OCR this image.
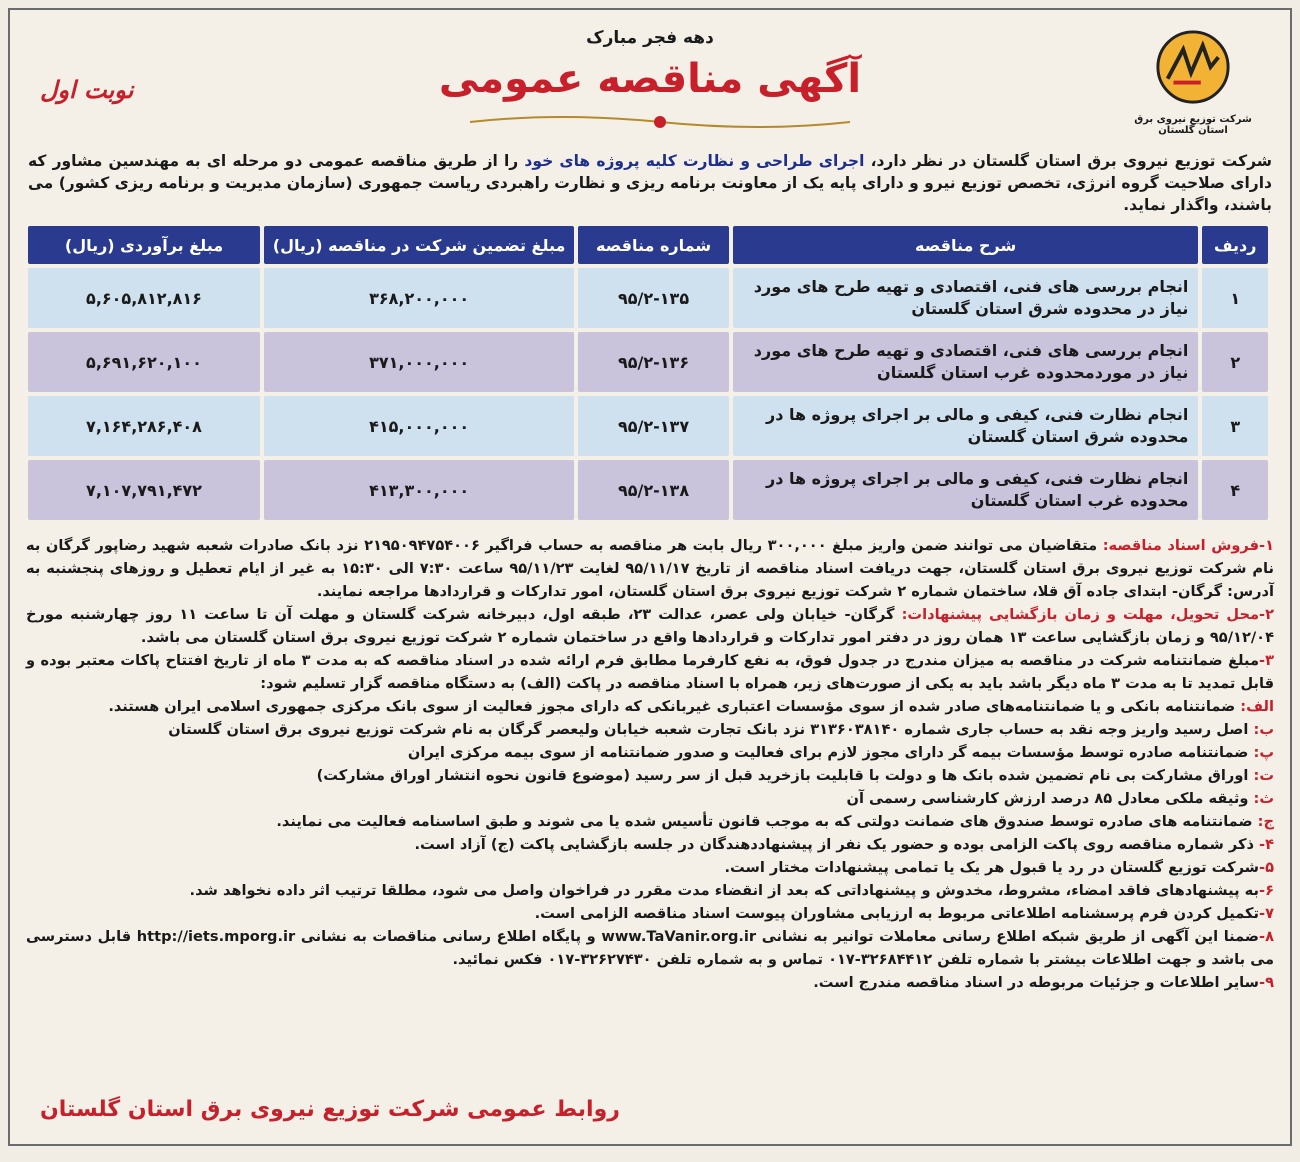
شرکت توزیع نیروی برق استان گلستان
دهه فجر مبارک
آگهی مناقصه عمومی
نوبت اول
شرکت توزیع نیروی برق استان گلستان در نظر دارد، اجرای طراحی و نظارت کلیه پروژه های خود را از طریق مناقصه عمومی دو مرحله ای به مهندسین مشاور که دارای صلاحیت گروه انرژی، تخصص توزیع نیرو و دارای پایه یک از معاونت برنامه ریزی و نظارت راهبردی ریاست جمهوری (سازمان مدیریت و برنامه ریزی کشور) می باشند، واگذار نماید.
ردیف	شرح مناقصه	شماره مناقصه	مبلغ تضمین شرکت در مناقصه (ریال)	مبلغ برآوردی (ریال)
۱	انجام بررسی های فنی، اقتصادی و تهیه طرح های مورد نیاز در محدوده شرق استان گلستان	۹۵/۲-۱۳۵	۳۶۸,۲۰۰,۰۰۰	۵,۶۰۵,۸۱۲,۸۱۶
۲	انجام بررسی های فنی، اقتصادی و تهیه طرح های مورد نیاز در موردمحدوده غرب استان گلستان	۹۵/۲-۱۳۶	۳۷۱,۰۰۰,۰۰۰	۵,۶۹۱,۶۲۰,۱۰۰
۳	انجام نظارت فنی، کیفی و مالی بر اجرای پروژه ها در محدوده شرق استان گلستان	۹۵/۲-۱۳۷	۴۱۵,۰۰۰,۰۰۰	۷,۱۶۴,۲۸۶,۴۰۸
۴	انجام نظارت فنی، کیفی و مالی بر اجرای پروژه ها در محدوده غرب استان گلستان	۹۵/۲-۱۳۸	۴۱۳,۳۰۰,۰۰۰	۷,۱۰۷,۷۹۱,۴۷۲

۱-فروش اسناد مناقصه: متقاضیان می توانند ضمن واریز مبلغ ۳۰۰,۰۰۰ ریال بابت هر مناقصه به حساب فراگیر ۲۱۹۵۰۹۴۷۵۴۰۰۶ نزد بانک صادرات شعبه شهید رضاپور گرگان به نام شرکت توزیع نیروی برق استان گلستان، جهت دریافت اسناد مناقصه از تاریخ ۹۵/۱۱/۱۷ لغایت ۹۵/۱۱/۲۳ ساعت ۷:۳۰ الی ۱۵:۳۰ به غیر از ایام تعطیل و روزهای پنجشنبه به آدرس: گرگان- ابتدای جاده آق قلا، ساختمان شماره ۲ شرکت توزیع نیروی برق استان گلستان، امور تدارکات و قراردادها مراجعه نمایند.

۲-محل تحویل، مهلت و زمان بازگشایی پیشنهادات: گرگان- خیابان ولی عصر، عدالت ۲۳، طبقه اول، دبیرخانه شرکت گلستان و مهلت آن تا ساعت ۱۱ روز چهارشنبه مورخ ۹۵/۱۲/۰۴ و زمان بازگشایی ساعت ۱۳ همان روز در دفتر امور تدارکات و قراردادها واقع در ساختمان شماره ۲ شرکت توزیع نیروی برق استان گلستان می باشد.

۳-مبلغ ضمانتنامه شرکت در مناقصه به میزان مندرج در جدول فوق، به نفع کارفرما مطابق فرم ارائه شده در اسناد مناقصه که به مدت ۳ ماه از تاریخ افتتاح پاکات معتبر بوده و قابل تمدید تا به مدت ۳ ماه دیگر باشد باید به یکی از صورت‌های زیر، همراه با اسناد مناقصه در پاکت (الف) به دستگاه مناقصه گزار تسلیم شود:

الف: ضمانتنامه بانکی و یا ضمانتنامه‌های صادر شده از سوی مؤسسات اعتباری غیربانکی که دارای مجوز فعالیت از سوی بانک مرکزی جمهوری اسلامی ایران هستند.

ب: اصل رسید واریز وجه نقد به حساب جاری شماره ۳۱۳۶۰۳۸۱۴۰ نزد بانک تجارت شعبه خیابان ولیعصر گرگان به نام شرکت توزیع نیروی برق استان گلستان

پ: ضمانتنامه صادره توسط مؤسسات بیمه گر دارای مجوز لازم برای فعالیت و صدور ضمانتنامه از سوی بیمه مرکزی ایران

ت: اوراق مشارکت بی نام تضمین شده بانک ها و دولت با قابلیت بازخرید قبل از سر رسید (موضوع قانون نحوه انتشار اوراق مشارکت)

ث: وثیقه ملکی معادل ۸۵ درصد ارزش کارشناسی رسمی آن

ج: ضمانتنامه های صادره توسط صندوق های ضمانت دولتی که به موجب قانون تأسیس شده یا می شوند و طبق اساسنامه فعالیت می نمایند.

۴- ذکر شماره مناقصه روی پاکت الزامی بوده و حضور یک نفر از پیشنهاددهندگان در جلسه بازگشایی پاکت (ج) آزاد است.

۵-شرکت توزیع گلستان در رد یا قبول هر یک یا تمامی پیشنهادات مختار است.

۶-به پیشنهادهای فاقد امضاء، مشروط، مخدوش و پیشنهاداتی که بعد از انقضاء مدت مقرر در فراخوان واصل می شود، مطلقا ترتیب اثر داده نخواهد شد.

۷-تکمیل کردن فرم پرسشنامه اطلاعاتی مربوط به ارزیابی مشاوران پیوست اسناد مناقصه الزامی است.

۸-ضمنا این آگهی از طریق شبکه اطلاع رسانی معاملات توانیر به نشانی www.TaVanir.org.ir و پایگاه اطلاع رسانی مناقصات به نشانی http://iets.mporg.ir قابل دسترسی می باشد و جهت اطلاعات بیشتر با شماره تلفن ۳۲۶۸۴۴۱۲-۰۱۷ تماس و به شماره تلفن ۳۲۶۲۷۴۳۰-۰۱۷ فکس نمائید.

۹-سایر اطلاعات و جزئیات مربوطه در اسناد مناقصه مندرج است.

روابط عمومی شرکت توزیع نیروی برق استان گلستان
